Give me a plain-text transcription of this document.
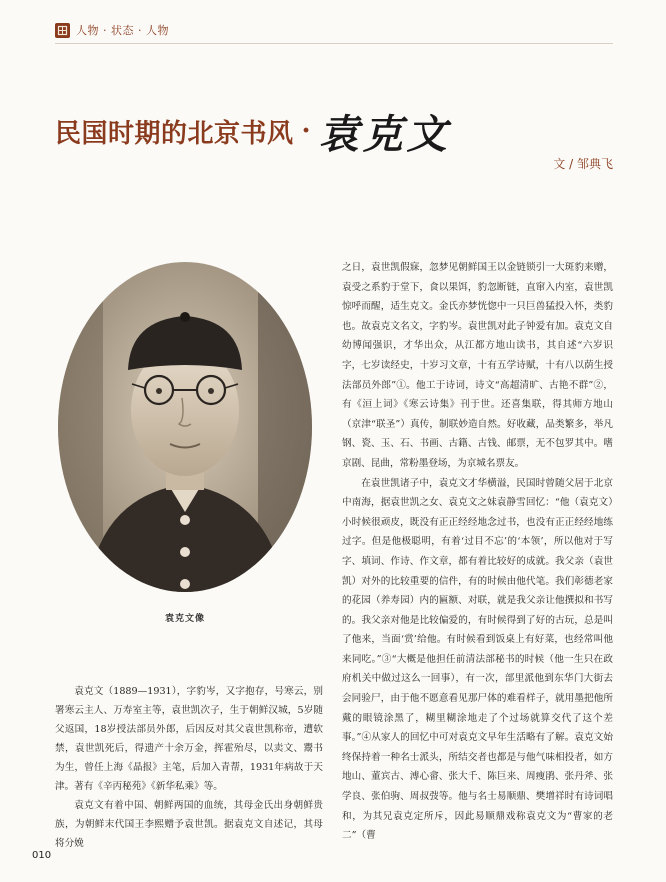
人物 · 状态 · 人物
民国时期的北京书风 · 袁克文
文 / 邹典飞
袁克文像

袁克文（1889—1931），字豹岑，又字抱存，号寒云，别署寒云主人、万寿室主等，袁世凯次子，生于朝鲜汉城，5岁随父返国，18岁授法部员外郎，后因反对其父袁世凯称帝，遭软禁，袁世凯死后，得遗产十余万金，挥霍殆尽，以卖文、鬻书为生，曾任上海《晶报》主笔，后加入青帮，1931年病故于天津。著有《辛丙秘苑》《新华私乘》等。

袁克文有着中国、朝鲜两国的血统，其母金氏出身朝鲜贵族，为朝鲜末代国王李熙赠予袁世凯。据袁克文自述记，其母将分娩

之日，袁世凯假寐，忽梦见朝鲜国王以金链锁引一大斑豹来赠，袁受之系豹于堂下，食以果饵，豹忽断链，直窜入内室，袁世凯惊呼而醒，适生克文。金氏亦梦恍惚中一只巨兽猛投入怀，类豹也。故袁克文名文，字豹岑。袁世凯对此子钟爱有加。袁克文自幼博闻强识，才华出众，从江都方地山读书，其自述“六岁识字，七岁读经史，十岁习文章，十有五学诗赋，十有八以荫生授法部员外郎”①。他工于诗词，诗文“高超清旷、古艳不群”②，有《洹上词》《寒云诗集》刊于世。还喜集联，得其师方地山（京津“联圣”）真传，制联妙造自然。好收藏，品类繁多，举凡钢、瓷、玉、石、书画、古籍、古钱、邮票，无不包罗其中。嗜京剧、昆曲，常粉墨登场，为京城名票友。

在袁世凯诸子中，袁克文才华横溢，民国时曾随父居于北京中南海，据袁世凯之女、袁克文之妹袁静雪回忆：“他（袁克文）小时候很顽皮，既没有正正经经地念过书，也没有正正经经地练过字。但是他极聪明，有着‘过目不忘’的‘本领’，所以他对于写字、填词、作诗、作文章，都有着比较好的成就。我父亲（袁世凯）对外的比较重要的信件，有的时候由他代笔。我们彰德老家的花园（养寿园）内的匾额、对联，就是我父亲让他撰拟和书写的。我父亲对他是比较偏爱的，有时候得到了好的古玩，总是叫了他来，当面‘赏’给他。有时候看到饭桌上有好菜，也经常叫他来同吃。”③“大概是他担任前清法部秘书的时候（他一生只在政府机关中做过这么一回事），有一次，部里派他到东华门大街去会同验尸，由于他不愿意看见那尸体的难看样子，就用墨把他所戴的眼镜涂黑了，糊里糊涂地走了个过场就算交代了这个差事。”④从家人的回忆中可对袁克文早年生活略有了解。袁克文始终保持着一种名士派头，所结交者也都是与他气味相投者，如方地山、董宾古、溥心畲、张大千、陈巨来、周瘦鹃、张丹斧、张学良、张伯驹、周叔弢等。他与名士易顺鼎、樊增祥时有诗词唱和，为其兄袁克定所斥，因此易顺鼎戏称袁克文为“曹家的老二”（曹

010
